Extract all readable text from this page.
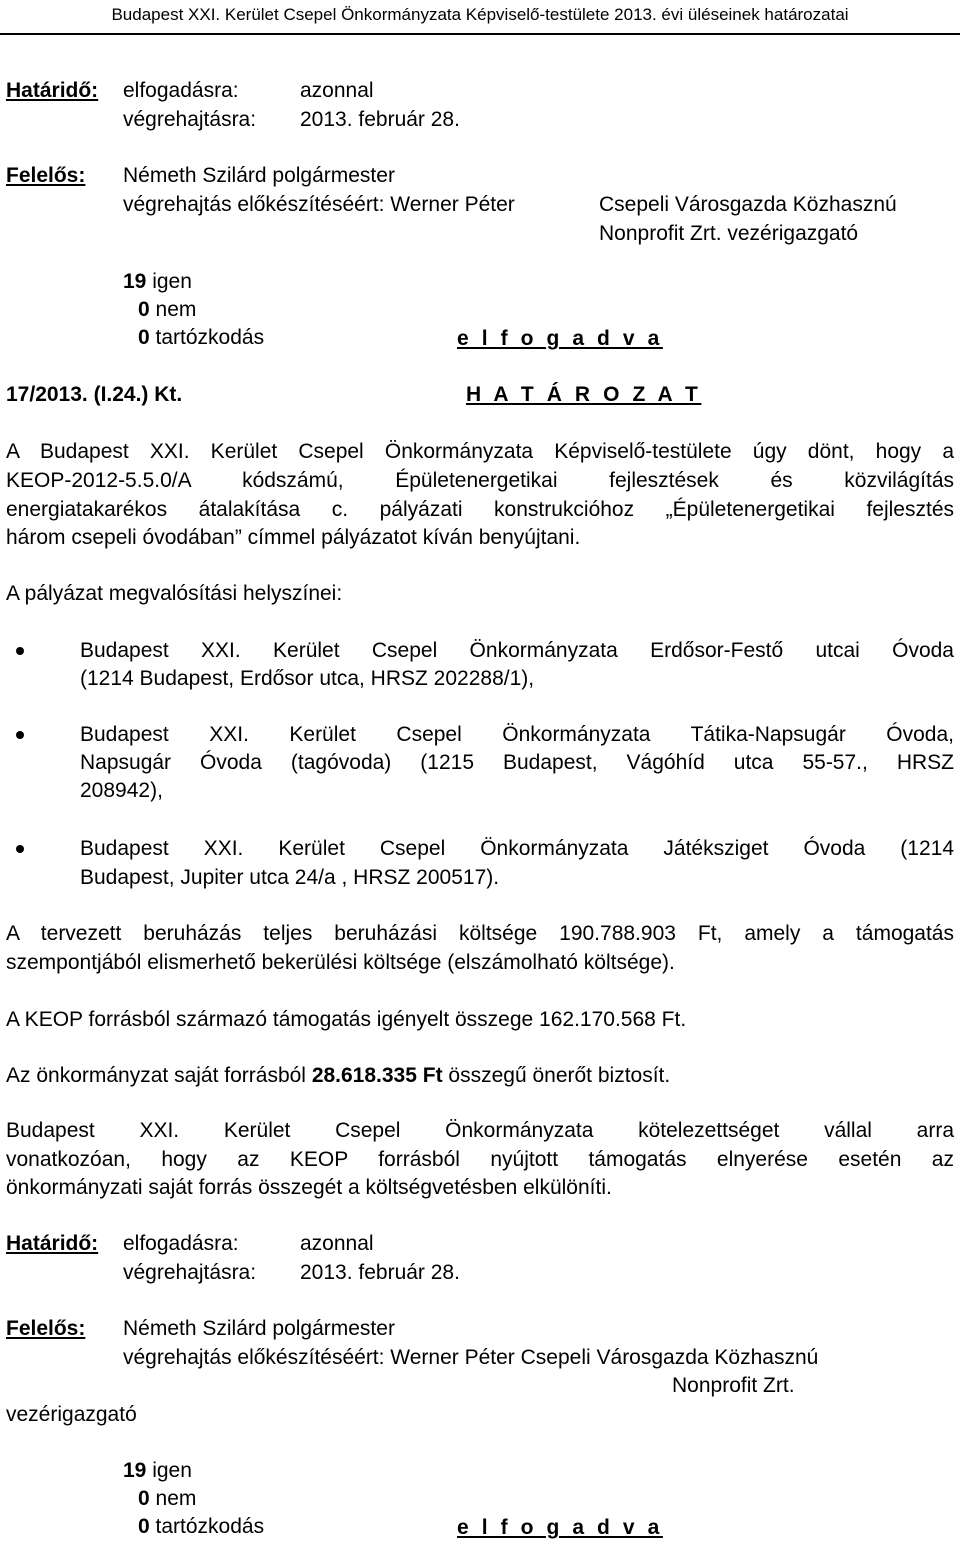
Budapest XXI. Kerület Csepel Önkormányzata Képviselő-testülete 2013. évi üléseinek határozatai
Határidő: elfogadásra:	azonnal
végrehajtásra: 2013. február 28.
Felelős: Németh Szilárd polgármester
végrehajtás előkészítéséért: Werner Péter	Csepeli Városgazda Közhasznú
Nonprofit Zrt. vezérigazgató
19 igen
0 nem
0 tartózkodás	e l f o g a d v a
17/2013. (I.24.) Kt.	H A T Á R O Z A T
A Budapest XXI. Kerület Csepel Önkormányzata Képviselő-testülete úgy dönt, hogy a
KEOP-2012-5.5.0/A kódszámú, Épületenergetikai fejlesztések és közvilágítás
energiatakarékos átalakítása c. pályázati konstrukcióhoz „Épületenergetikai fejlesztés
három csepeli óvodában” címmel pályázatot kíván benyújtani.
A pályázat megvalósítási helyszínei:
Budapest XXI. Kerület Csepel Önkormányzata Erdősor-Festő utcai Óvoda
(1214 Budapest, Erdősor utca, HRSZ 202288/1),
Budapest XXI. Kerület Csepel Önkormányzata Tátika-Napsugár Óvoda,
Napsugár Óvoda (tagóvoda) (1215 Budapest, Vágóhíd utca 55-57., HRSZ
208942),
Budapest XXI. Kerület Csepel Önkormányzata Játéksziget Óvoda (1214
Budapest, Jupiter utca 24/a , HRSZ 200517).
A tervezett beruházás teljes beruházási költsége 190.788.903 Ft, amely a támogatás
szempontjából elismerhető bekerülési költsége (elszámolható költsége).
A KEOP forrásból származó támogatás igényelt összege 162.170.568 Ft.
Az önkormányzat saját forrásból 28.618.335 Ft összegű önerőt biztosít.
Budapest XXI. Kerület Csepel Önkormányzata kötelezettséget vállal arra
vonatkozóan, hogy az KEOP forrásból nyújtott támogatás elnyerése esetén az
önkormányzati saját forrás összegét a költségvetésben elkülöníti.
Határidő: elfogadásra:	azonnal
végrehajtásra: 2013. február 28.
Felelős: Németh Szilárd polgármester
végrehajtás előkészítéséért: Werner Péter Csepeli Városgazda Közhasznú
Nonprofit Zrt.
vezérigazgató
19 igen
0 nem
0 tartózkodás	e l f o g a d v a
